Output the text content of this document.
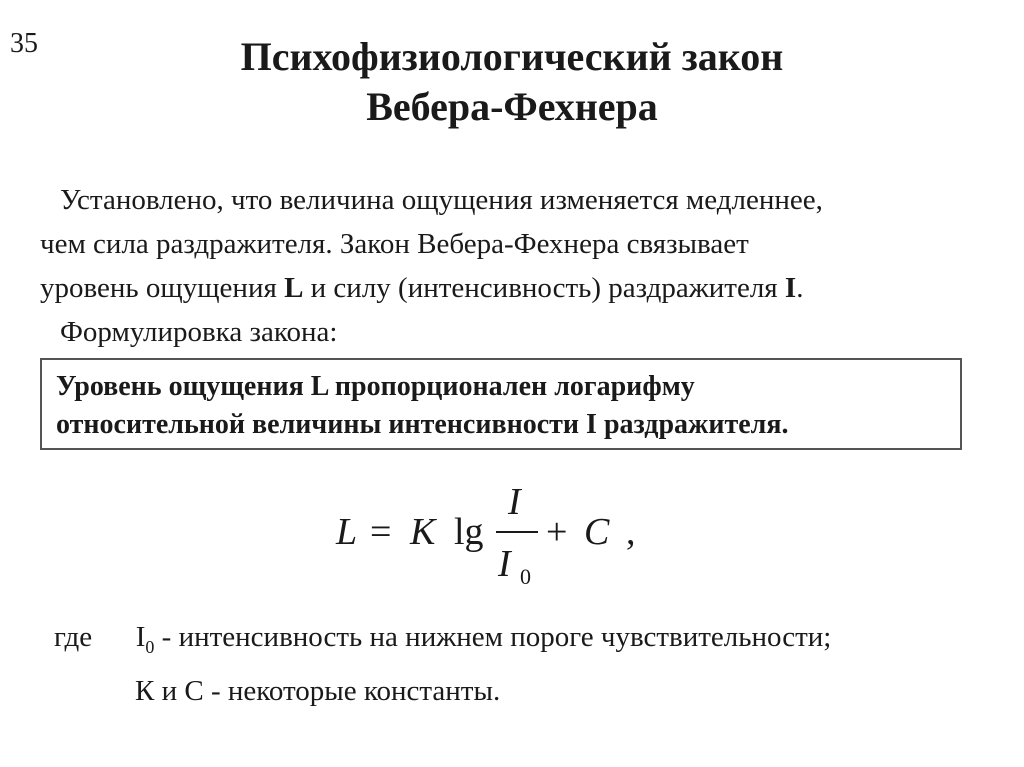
35	Психофизиологический закон
Вебера-Фехнера

Установлено, что величина ощущения изменяется медленнее,

чем сила раздражителя. Закон Вебера-Фехнера связывает

уровень ощущения L и силу (интенсивность) раздражителя I.

Формулировка закона:

Уровень ощущения L пропорционален логарифму
относительной величины интенсивности I раздражителя.
L = K lg
I
I 0
+ C ,
где $I_0$ - интенсивность на нижнем пороге чувствительности;
К и С - некоторые константы.
